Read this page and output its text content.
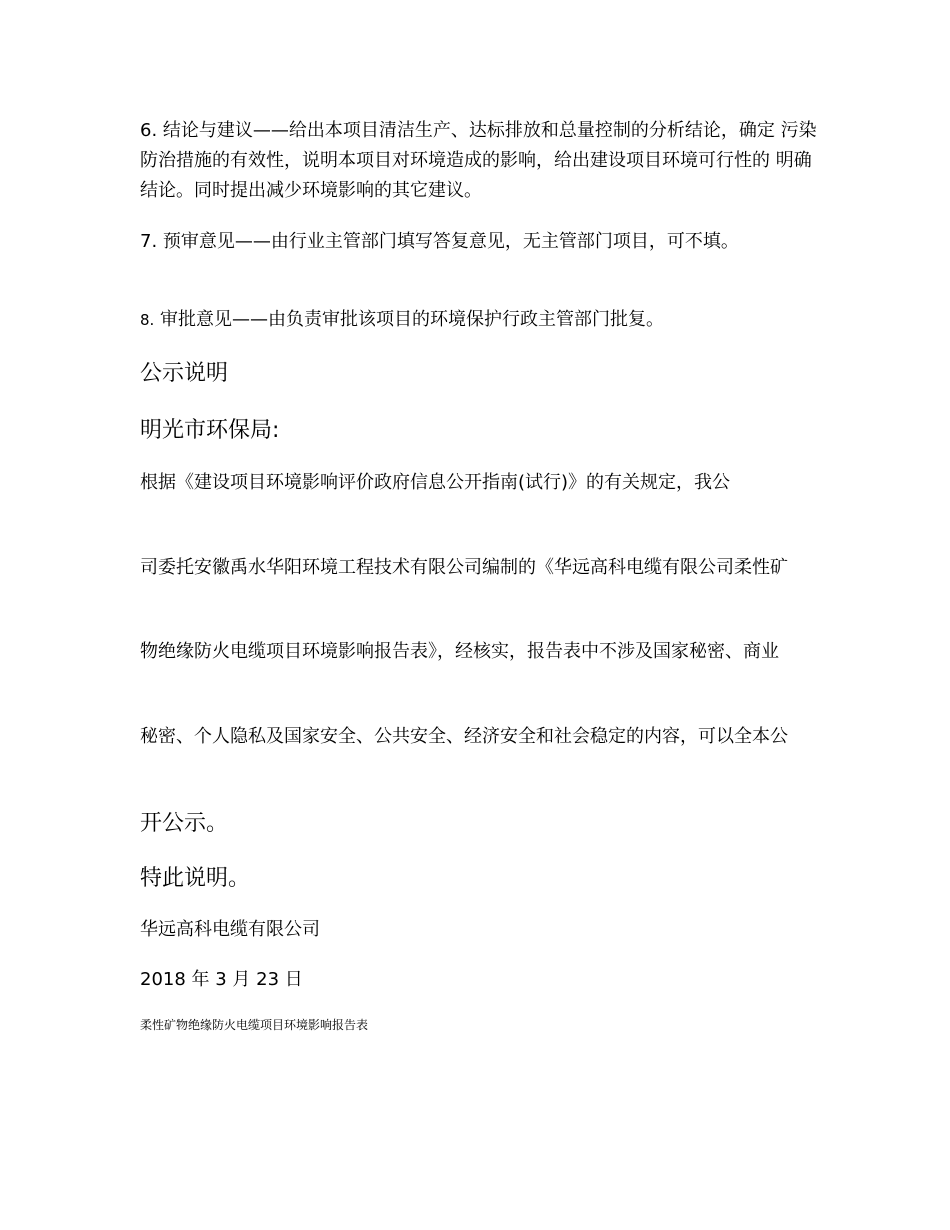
6. 结论与建议——给出本项目清洁生产、达标排放和总量控制的分析结论，确定 污染防治措施的有效性，说明本项目对环境造成的影响，给出建设项目环境可行性的 明确结论。同时提出减少环境影响的其它建议。

7. 预审意见——由行业主管部门填写答复意见，无主管部门项目，可不填。

8. 审批意见——由负责审批该项目的环境保护行政主管部门批复。

公示说明

明光市环保局:

根据《建设项目环境影响评价政府信息公开指南(试行)》的有关规定，我公

司委托安徽禹水华阳环境工程技术有限公司编制的《华远高科电缆有限公司柔性矿

物绝缘防火电缆项目环境影响报告表》，经核实，报告表中不涉及国家秘密、商业

秘密、个人隐私及国家安全、公共安全、经济安全和社会稳定的内容，可以全本公

开公示。

特此说明。

华远高科电缆有限公司

2018 年 3 月 23 日

柔性矿物绝缘防火电缆项目环境影响报告表
